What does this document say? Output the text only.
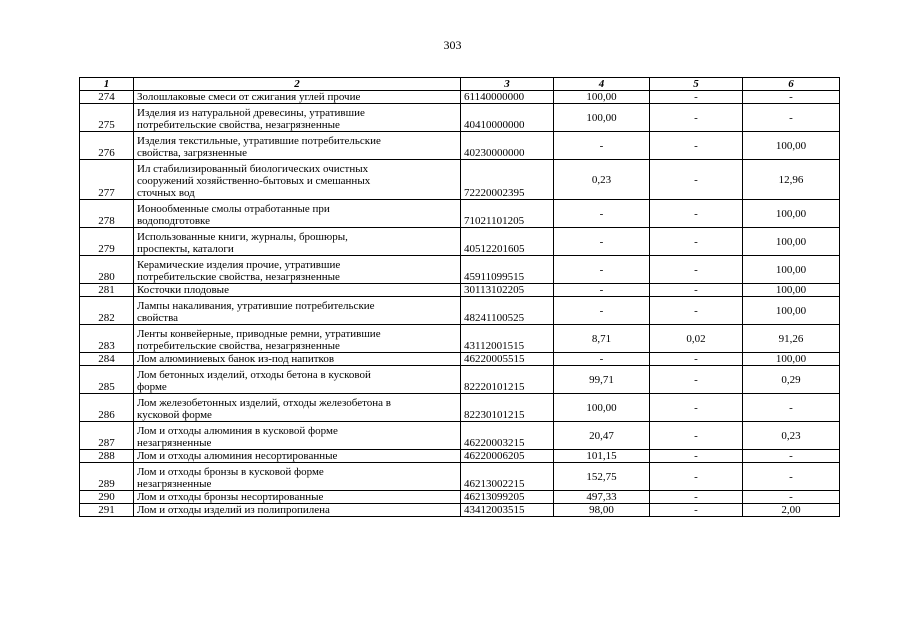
303
1	2	3	4	5	6
274	Золошлаковые смеси от сжигания углей прочие	61140000000	100,00	-	-
275	Изделия из натуральной древесины, утратившие
потребительские свойства, незагрязненные	40410000000	100,00	-	-
276	Изделия текстильные, утратившие потребительские
свойства, загрязненные	40230000000	-	-	100,00
277	Ил стабилизированный биологических очистных
сооружений хозяйственно-бытовых и смешанных
сточных вод	72220002395	0,23	-	12,96
278	Ионообменные смолы отработанные при
водоподготовке	71021101205	-	-	100,00
279	Использованные книги, журналы, брошюры,
проспекты, каталоги	40512201605	-	-	100,00
280	Керамические изделия прочие, утратившие
потребительские свойства, незагрязненные	45911099515	-	-	100,00
281	Косточки плодовые	30113102205	-	-	100,00
282	Лампы накаливания, утратившие потребительские
свойства	48241100525	-	-	100,00
283	Ленты конвейерные, приводные ремни, утратившие
потребительские свойства, незагрязненные	43112001515	8,71	0,02	91,26
284	Лом алюминиевых банок из-под напитков	46220005515	-	-	100,00
285	Лом бетонных изделий, отходы бетона в кусковой
форме	82220101215	99,71	-	0,29
286	Лом железобетонных изделий, отходы железобетона в
кусковой форме	82230101215	100,00	-	-
287	Лом и отходы алюминия в кусковой форме
незагрязненные	46220003215	20,47	-	0,23
288	Лом и отходы алюминия несортированные	46220006205	101,15	-	-
289	Лом и отходы бронзы в кусковой форме
незагрязненные	46213002215	152,75	-	-
290	Лом и отходы бронзы несортированные	46213099205	497,33	-	-
291	Лом и отходы изделий из полипропилена	43412003515	98,00	-	2,00
